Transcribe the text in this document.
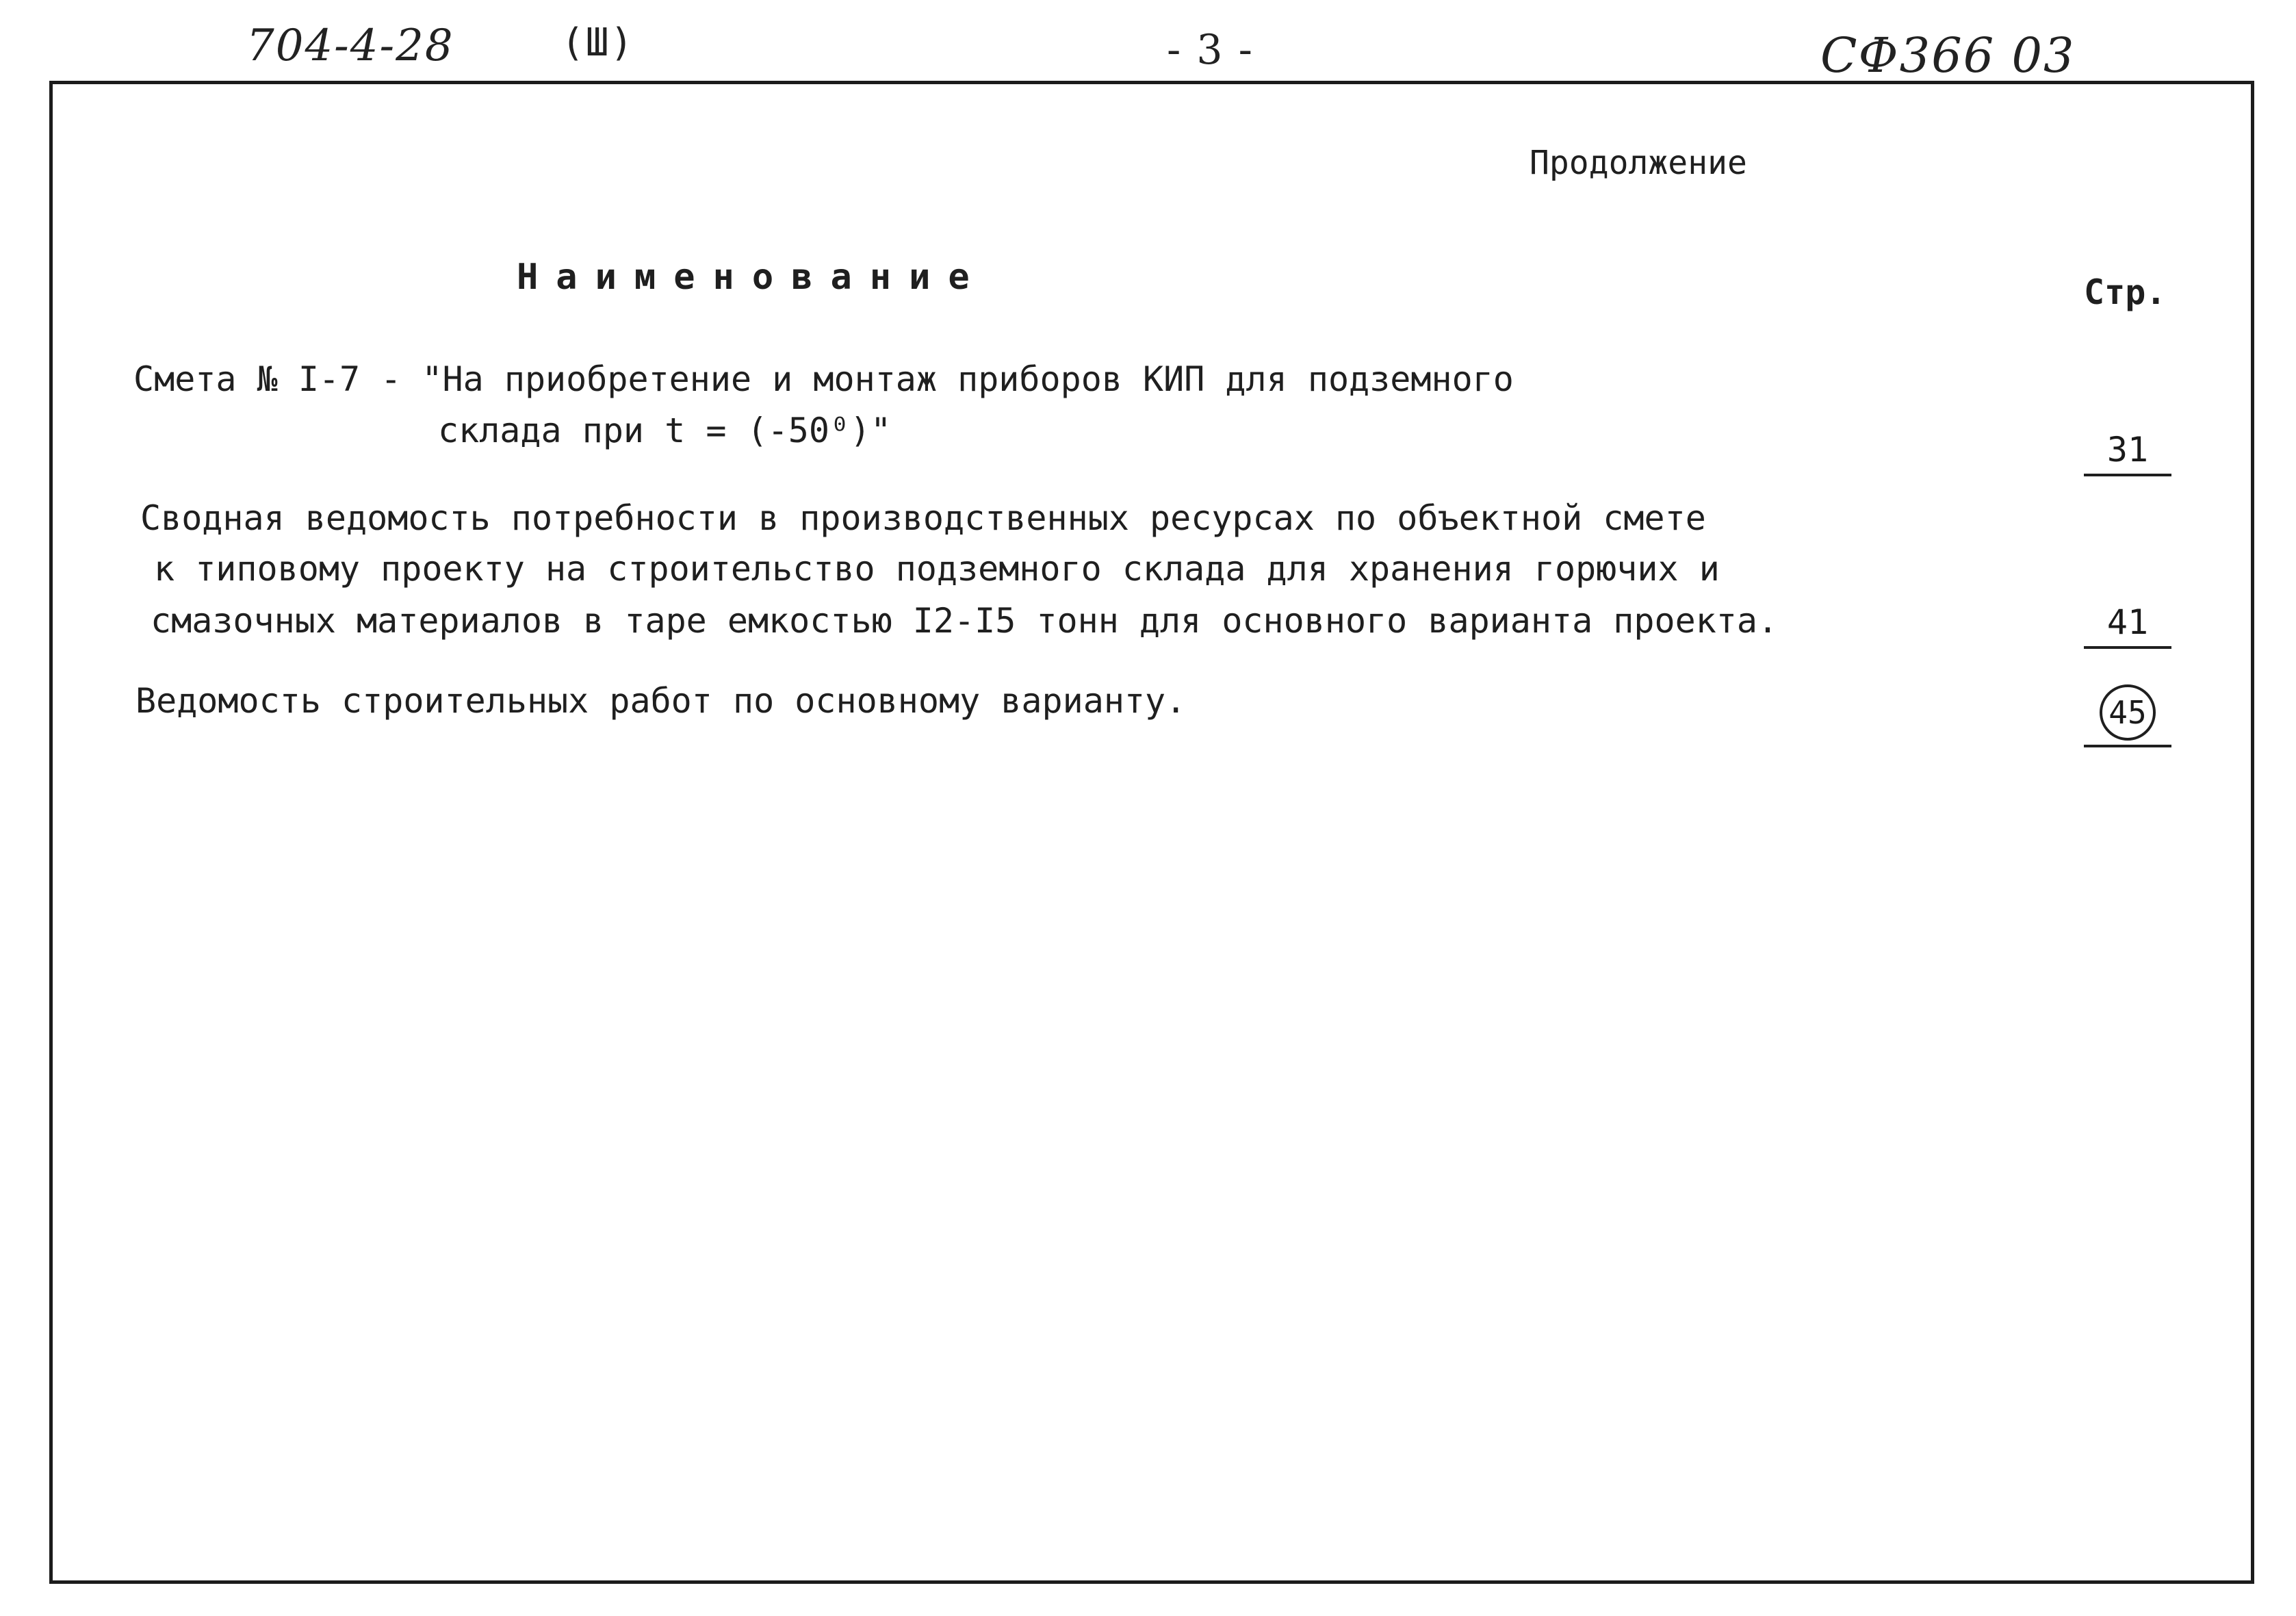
704-4-28	(Ш)	- 3 -	СФ366 03
Продолжение
Наименование	Стр.
Смета № I-7 - "На приобретение и монтаж приборов КИП для подземного
склада при t = (-50⁰)"	31
Сводная ведомость потребности в производственных ресурсах по объектной смете
к типовому проекту на строительство подземного склада для хранения горючих и
смазочных материалов в таре емкостью I2-I5 тонн для основного варианта проекта.	41
Ведомость строительных работ по основному варианту.	45
